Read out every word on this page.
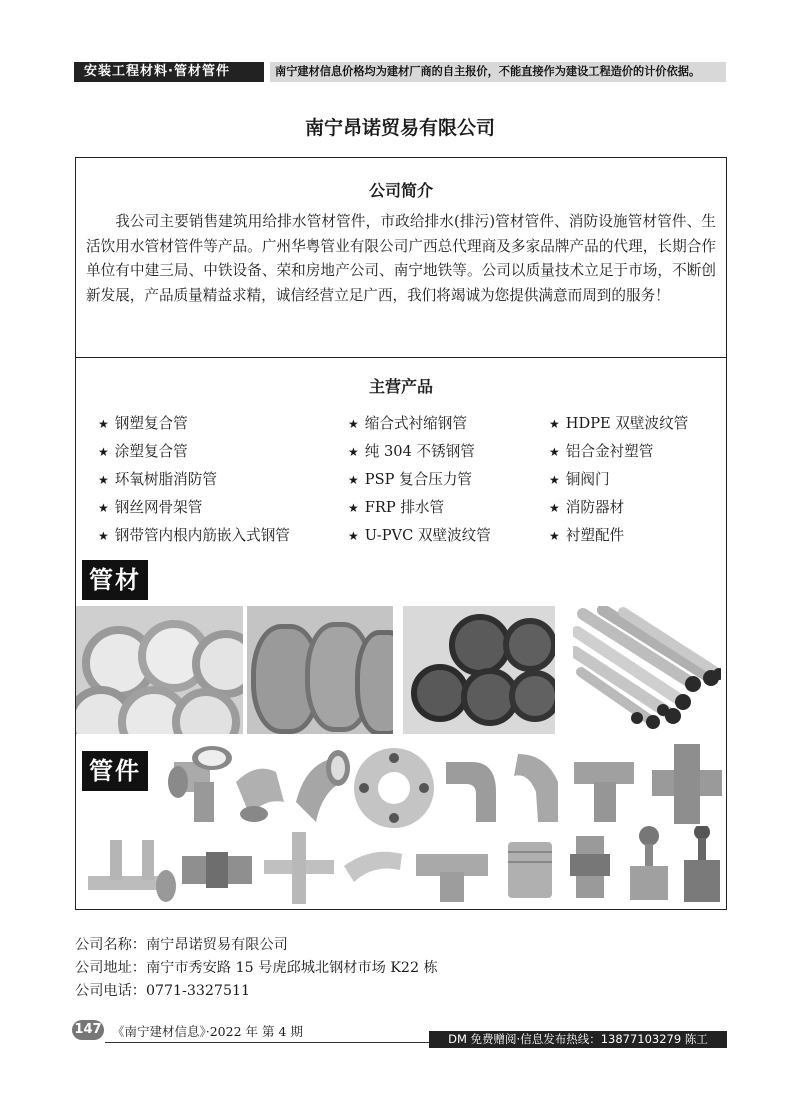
安装工程材料·管材管件	南宁建材信息价格均为建材厂商的自主报价，不能直接作为建设工程造价的计价依据。
南宁昂诺贸易有限公司
公司简介

我公司主要销售建筑用给排水管材管件，市政给排水(排污)管材管件、消防设施管材管件、生活饮用水管材管件等产品。广州华粤管业有限公司广西总代理商及多家品牌产品的代理，长期合作单位有中建三局、中铁设备、荣和房地产公司、南宁地铁等。公司以质量技术立足于市场，不断创新发展，产品质量精益求精，诚信经营立足广西，我们将竭诚为您提供满意而周到的服务！

主营产品
★ 钢塑复合管
★ 涂塑复合管
★ 环氧树脂消防管
★ 钢丝网骨架管
★ 钢带管内根内筋嵌入式钢管
★ 缩合式衬缩钢管
★ 纯 304 不锈钢管
★ PSP 复合压力管
★ FRP 排水管
★ U-PVC 双壁波纹管
★ HDPE 双壁波纹管
★ 铝合金衬塑管
★ 铜阀门
★ 消防器材
★ 衬塑配件
管材
管件
公司名称：南宁昂诺贸易有限公司
公司地址：南宁市秀安路 15 号虎邱城北钢材市场 K22 栋
公司电话：0771-3327511
147 《南宁建材信息》·2022 年 第 4 期	DM 免费赠阅·信息发布热线：13877103279 陈工
